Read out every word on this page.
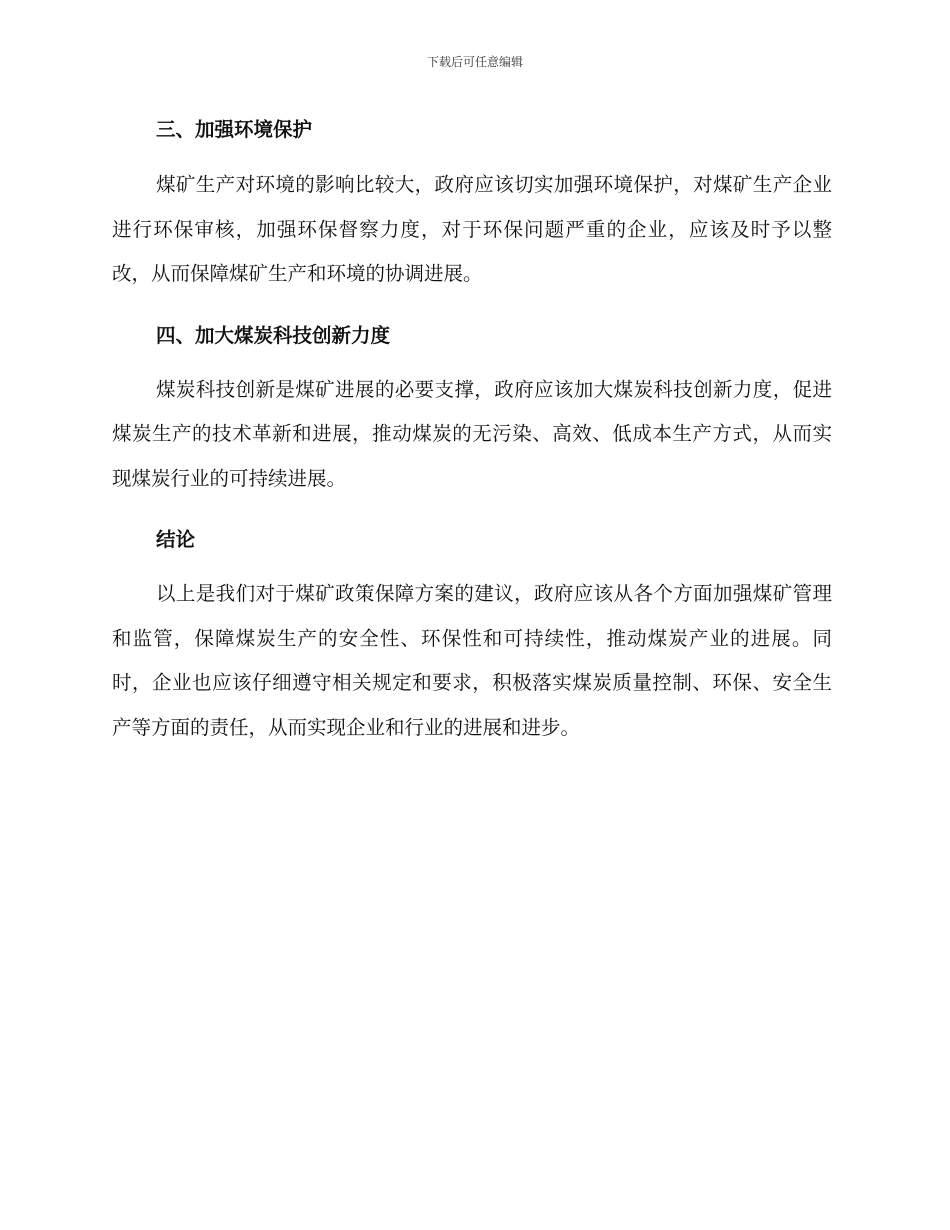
下载后可任意编辑
三、加强环境保护

煤矿生产对环境的影响比较大，政府应该切实加强环境保护，对煤矿生产企业进行环保审核，加强环保督察力度，对于环保问题严重的企业，应该及时予以整改，从而保障煤矿生产和环境的协调进展。

四、加大煤炭科技创新力度

煤炭科技创新是煤矿进展的必要支撑，政府应该加大煤炭科技创新力度，促进煤炭生产的技术革新和进展，推动煤炭的无污染、高效、低成本生产方式，从而实现煤炭行业的可持续进展。

结论

以上是我们对于煤矿政策保障方案的建议，政府应该从各个方面加强煤矿管理和监管，保障煤炭生产的安全性、环保性和可持续性，推动煤炭产业的进展。同时，企业也应该仔细遵守相关规定和要求，积极落实煤炭质量控制、环保、安全生产等方面的责任，从而实现企业和行业的进展和进步。
